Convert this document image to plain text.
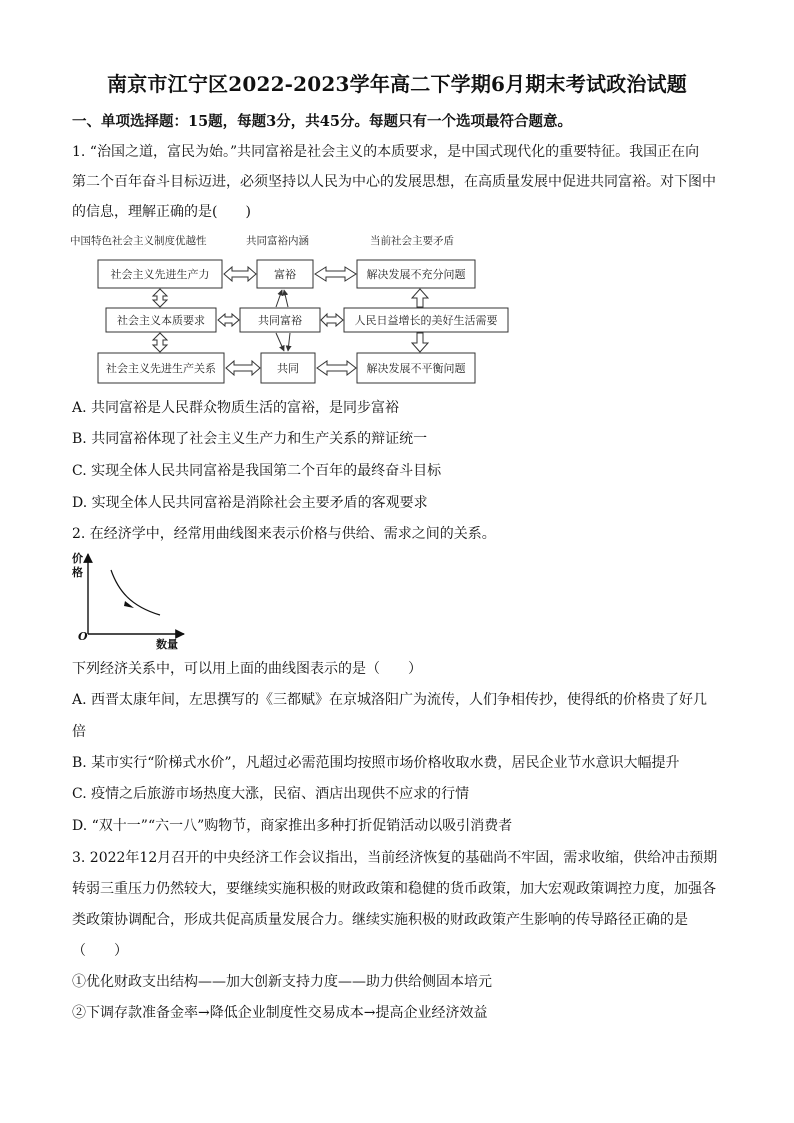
南京市江宁区2022-2023学年高二下学期6月期末考试政治试题
一、单项选择题：15题，每题3分，共45分。每题只有一个选项最符合题意。
1. “治国之道，富民为始。”共同富裕是社会主义的本质要求，是中国式现代化的重要特征。我国正在向
第二个百年奋斗目标迈进，必须坚持以人民为中心的发展思想，在高质量发展中促进共同富裕。对下图中
的信息，理解正确的是(　　)
中国特色社会主义制度优越性	共同富裕内涵	当前社会主要矛盾
社会主义先进生产力
社会主义本质要求
社会主义先进生产关系
富裕
共同富裕
共同
解决发展不充分问题
人民日益增长的美好生活需要
解决发展不平衡问题
A. 共同富裕是人民群众物质生活的富裕，是同步富裕
B. 共同富裕体现了社会主义生产力和生产关系的辩证统一
C. 实现全体人民共同富裕是我国第二个百年的最终奋斗目标
D. 实现全体人民共同富裕是消除社会主要矛盾的客观要求
2. 在经济学中，经常用曲线图来表示价格与供给、需求之间的关系。
价
格
O
数量
下列经济关系中，可以用上面的曲线图表示的是（　　）
A. 西晋太康年间，左思撰写的《三都赋》在京城洛阳广为流传，人们争相传抄，使得纸的价格贵了好几
倍
B. 某市实行“阶梯式水价”，凡超过必需范围均按照市场价格收取水费，居民企业节水意识大幅提升
C. 疫情之后旅游市场热度大涨，民宿、酒店出现供不应求的行情
D. “双十一”“六一八”购物节，商家推出多种打折促销活动以吸引消费者
3. 2022年12月召开的中央经济工作会议指出，当前经济恢复的基础尚不牢固，需求收缩，供给冲击预期
转弱三重压力仍然较大，要继续实施积极的财政政策和稳健的货币政策，加大宏观政策调控力度，加强各
类政策协调配合，形成共促高质量发展合力。继续实施积极的财政政策产生影响的传导路径正确的是
（　　）
①优化财政支出结构——加大创新支持力度——助力供给侧固本培元
②下调存款准备金率→降低企业制度性交易成本→提高企业经济效益
